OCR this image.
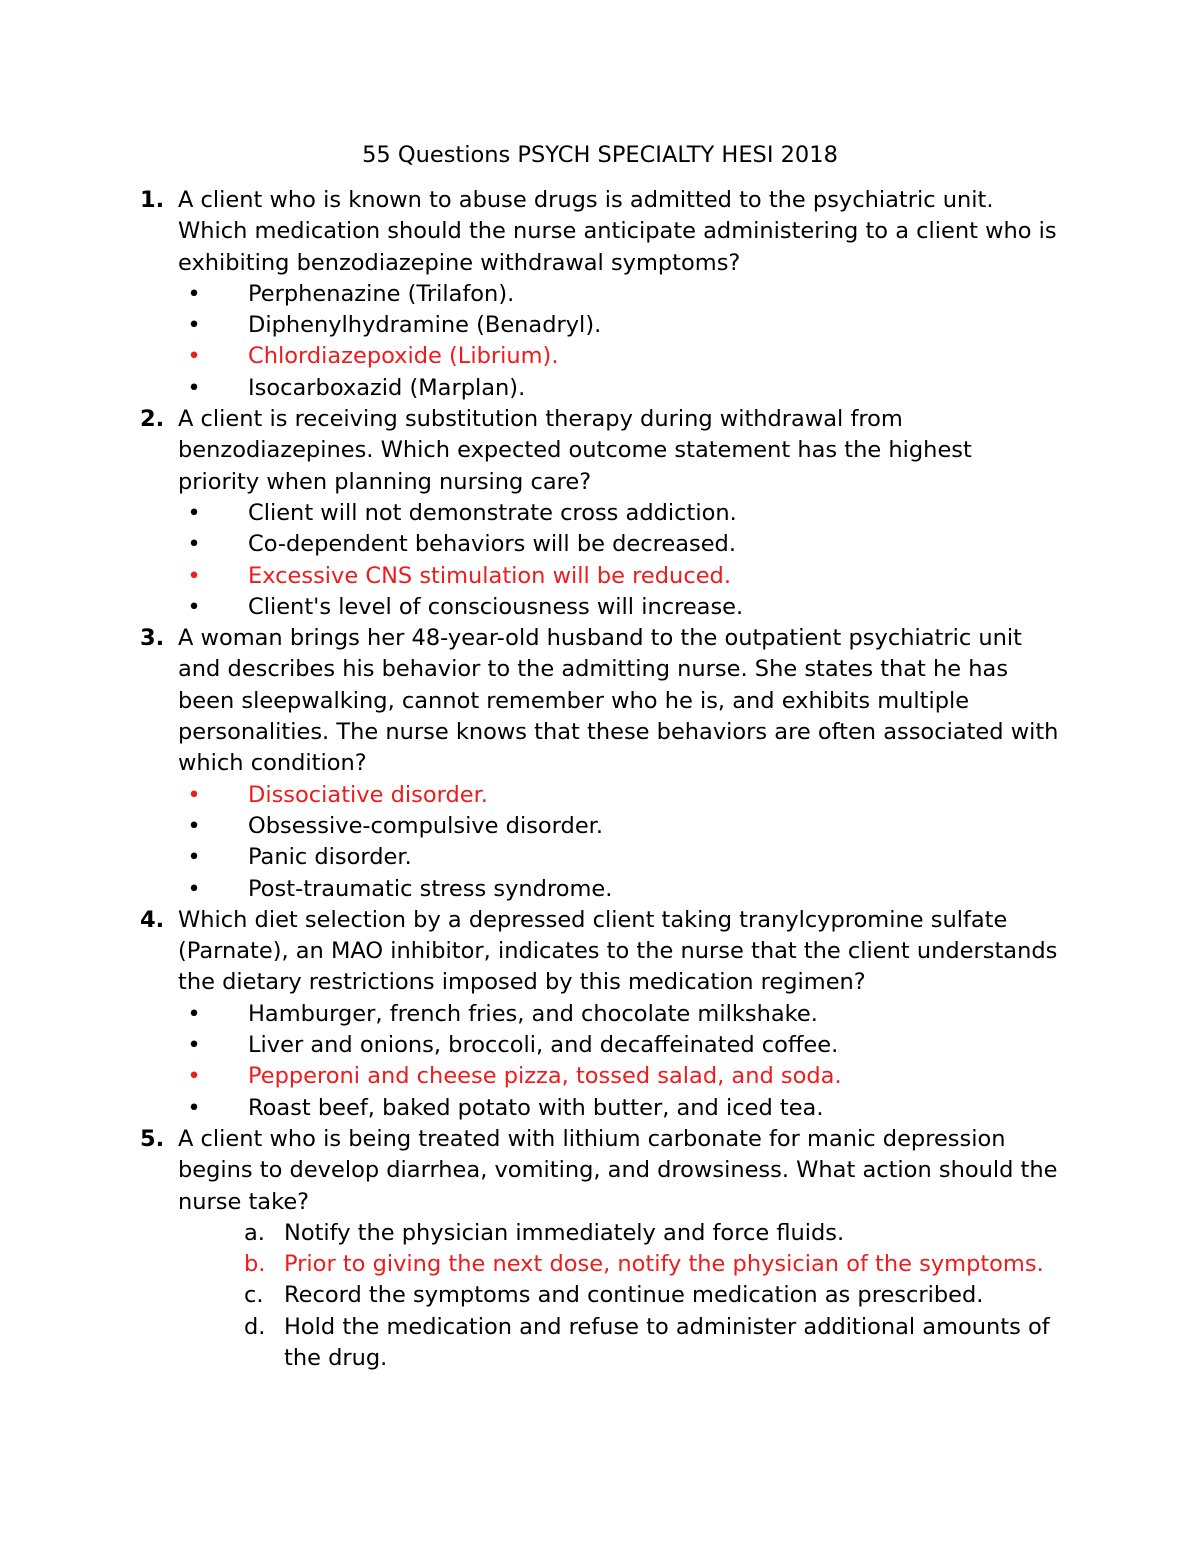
55 Questions PSYCH SPECIALTY HESI 2018
1. A client who is known to abuse drugs is admitted to the psychiatric unit. Which medication should the nurse anticipate administering to a client who is exhibiting benzodiazepine withdrawal symptoms?
• Perphenazine (Trilafon).
• Diphenylhydramine (Benadryl).
• Chlordiazepoxide (Librium).
• Isocarboxazid (Marplan).
2. A client is receiving substitution therapy during withdrawal from benzodiazepines. Which expected outcome statement has the highest priority when planning nursing care?
• Client will not demonstrate cross addiction.
• Co-dependent behaviors will be decreased.
• Excessive CNS stimulation will be reduced.
• Client's level of consciousness will increase.
3. A woman brings her 48-year-old husband to the outpatient psychiatric unit and describes his behavior to the admitting nurse. She states that he has been sleepwalking, cannot remember who he is, and exhibits multiple personalities. The nurse knows that these behaviors are often associated with which condition?
• Dissociative disorder.
• Obsessive-compulsive disorder.
• Panic disorder.
• Post-traumatic stress syndrome.
4. Which diet selection by a depressed client taking tranylcypromine sulfate (Parnate), an MAO inhibitor, indicates to the nurse that the client understands the dietary restrictions imposed by this medication regimen?
• Hamburger, french fries, and chocolate milkshake.
• Liver and onions, broccoli, and decaffeinated coffee.
• Pepperoni and cheese pizza, tossed salad, and soda.
• Roast beef, baked potato with butter, and iced tea.
5. A client who is being treated with lithium carbonate for manic depression begins to develop diarrhea, vomiting, and drowsiness. What action should the nurse take?
a. Notify the physician immediately and force fluids.
b. Prior to giving the next dose, notify the physician of the symptoms.
c. Record the symptoms and continue medication as prescribed.
d. Hold the medication and refuse to administer additional amounts of the drug.
